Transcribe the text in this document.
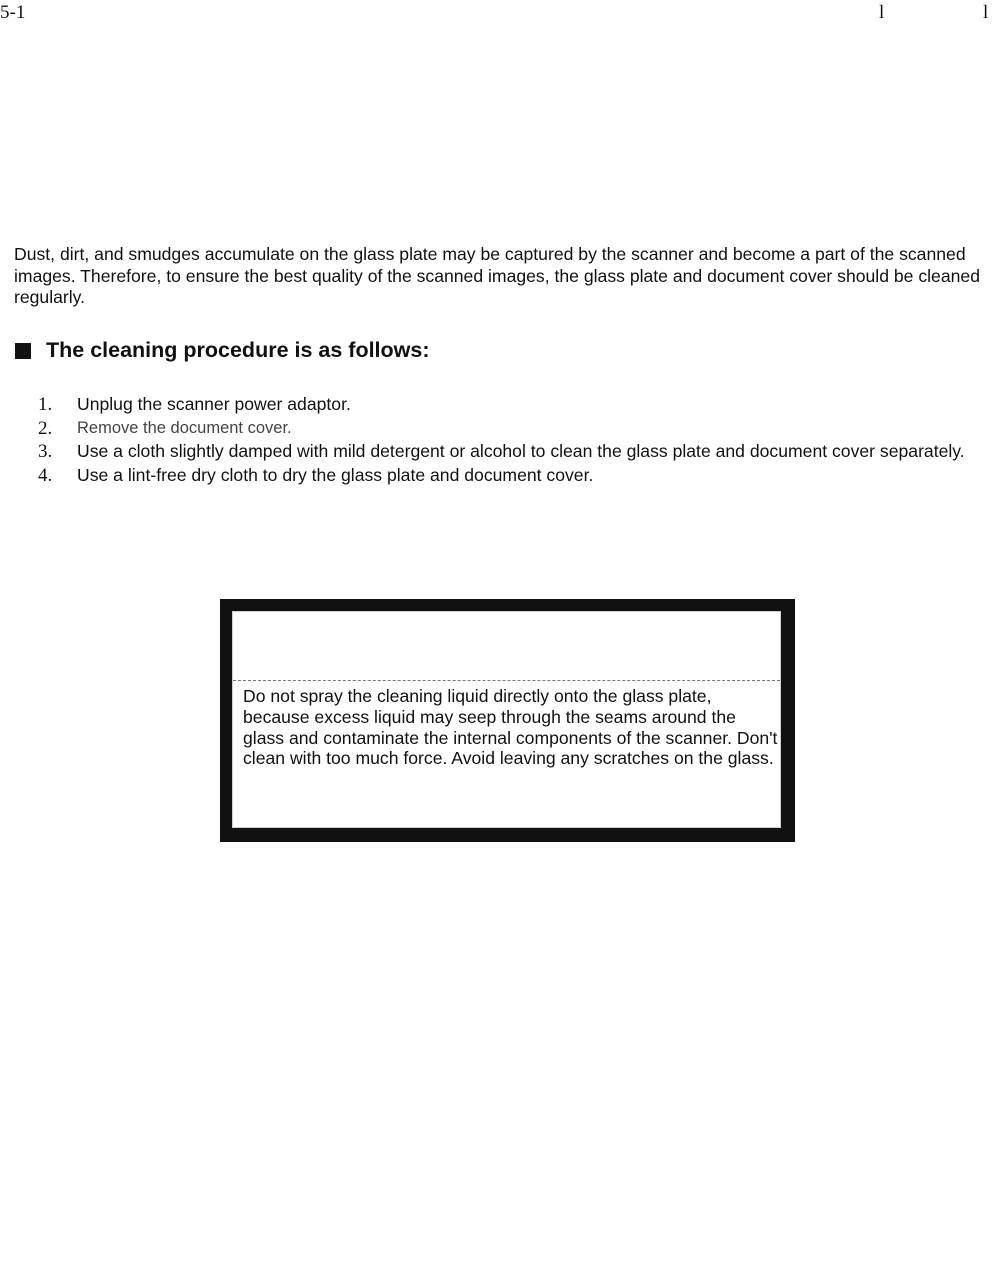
5-1	l	l

Dust, dirt, and smudges accumulate on the glass plate may be captured by the scanner and become a part of the scanned images. Therefore, to ensure the best quality of the scanned images, the glass plate and document cover should be cleaned regularly.

The cleaning procedure is as follows:
1.	Unplug the scanner power adaptor.
2.	Remove the document cover.
3.	Use a cloth slightly damped with mild detergent or alcohol to clean the glass plate and document cover separately.
4.	Use a lint-free dry cloth to dry the glass plate and document cover.

Do not spray the cleaning liquid directly onto the glass plate, because excess liquid may seep through the seams around the glass and contaminate the internal components of the scanner. Don't clean with too much force. Avoid leaving any scratches on the glass.
